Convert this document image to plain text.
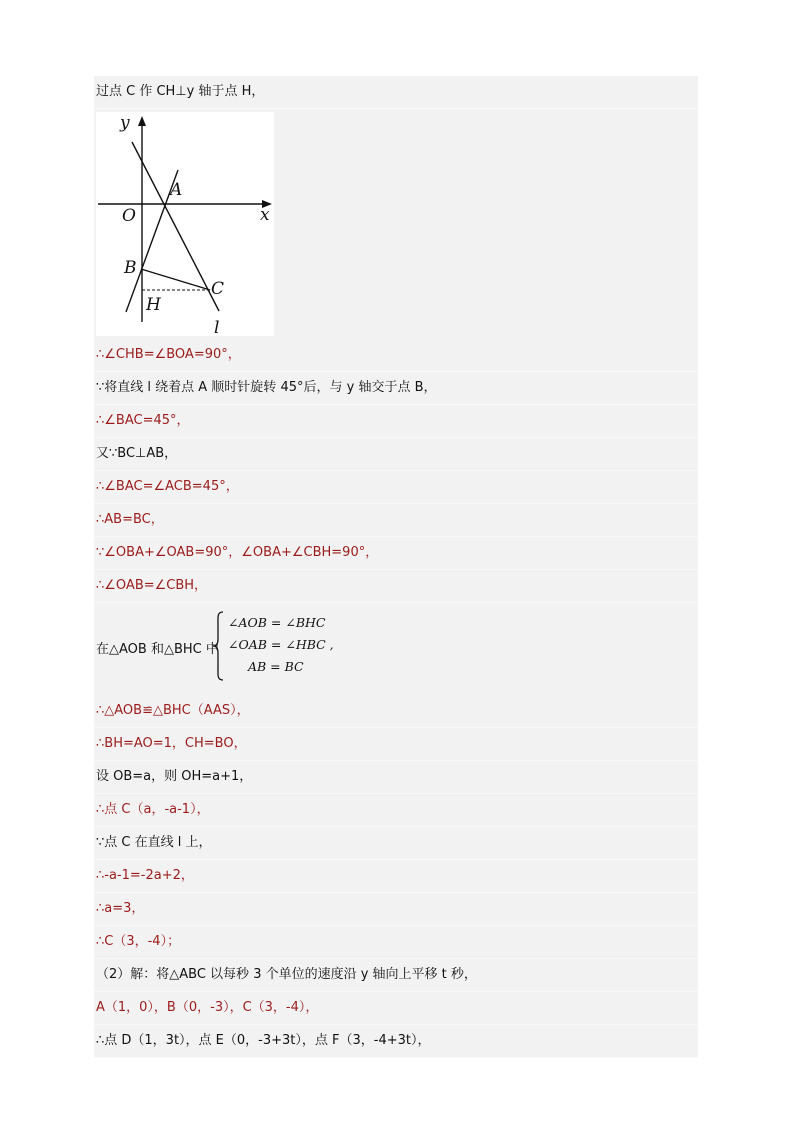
过点 C 作 CH⊥y 轴于点 H，
y
x
O
A
B
C
H
l
∴∠CHB=∠BOA=90°，
∵将直线 l 绕着点 A 顺时针旋转 45°后，与 y 轴交于点 B，
∴∠BAC=45°，
又∵BC⊥AB，
∴∠BAC=∠ACB=45°，
∴AB=BC，
∵∠OBA+∠OAB=90°，∠OBA+∠CBH=90°，
∴∠OAB=∠CBH，
在△AOB 和△BHC 中
∠AOB = ∠BHC
∠OAB = ∠HBC ,
AB = BC
∴△AOB≌△BHC（AAS），
∴BH=AO=1，CH=BO，
设 OB=a，则 OH=a+1，
∴点 C（a，-a-1），
∵点 C 在直线 l 上，
∴-a-1=-2a+2，
∴a=3，
∴C（3，-4）；
（2）解：将△ABC 以每秒 3 个单位的速度沿 y 轴向上平移 t 秒，
A（1，0），B（0，-3），C（3，-4），
∴点 D（1，3t），点 E（0，-3+3t），点 F（3，-4+3t），
